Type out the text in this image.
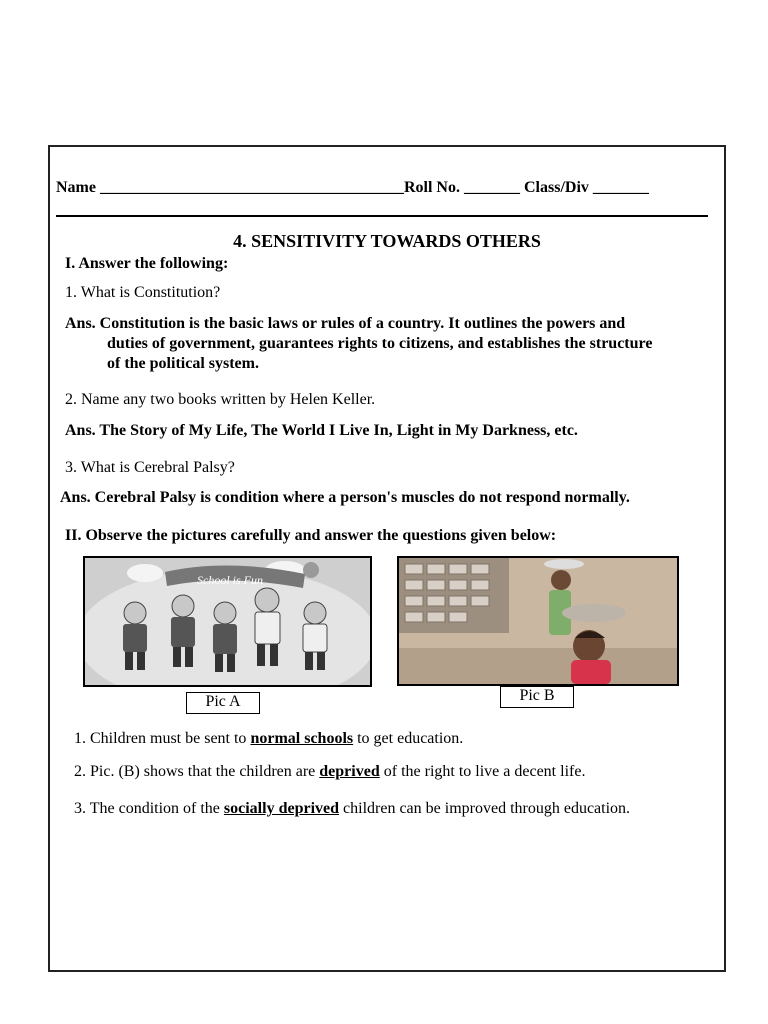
Name ______________________________________Roll No. _______ Class/Div _______
4. SENSITIVITY TOWARDS OTHERS
I. Answer the following:
1. What is Constitution?
Ans. Constitution is the basic laws or rules of a country. It outlines the powers and
duties of government, guarantees rights to citizens, and establishes the structure
of the political system.
2. Name any two books written by Helen Keller.
Ans. The Story of My Life, The World I Live In, Light in My Darkness, etc.
3. What is Cerebral Palsy?
Ans. Cerebral Palsy is condition where a person's muscles do not respond normally.
II. Observe the pictures carefully and answer the questions given below:
School is Fun
Pic A	Pic B
1. Children must be sent to normal schools to get education.
2. Pic. (B) shows that the children are deprived of the right to live a decent life.
3. The condition of the socially deprived children can be improved through education.
